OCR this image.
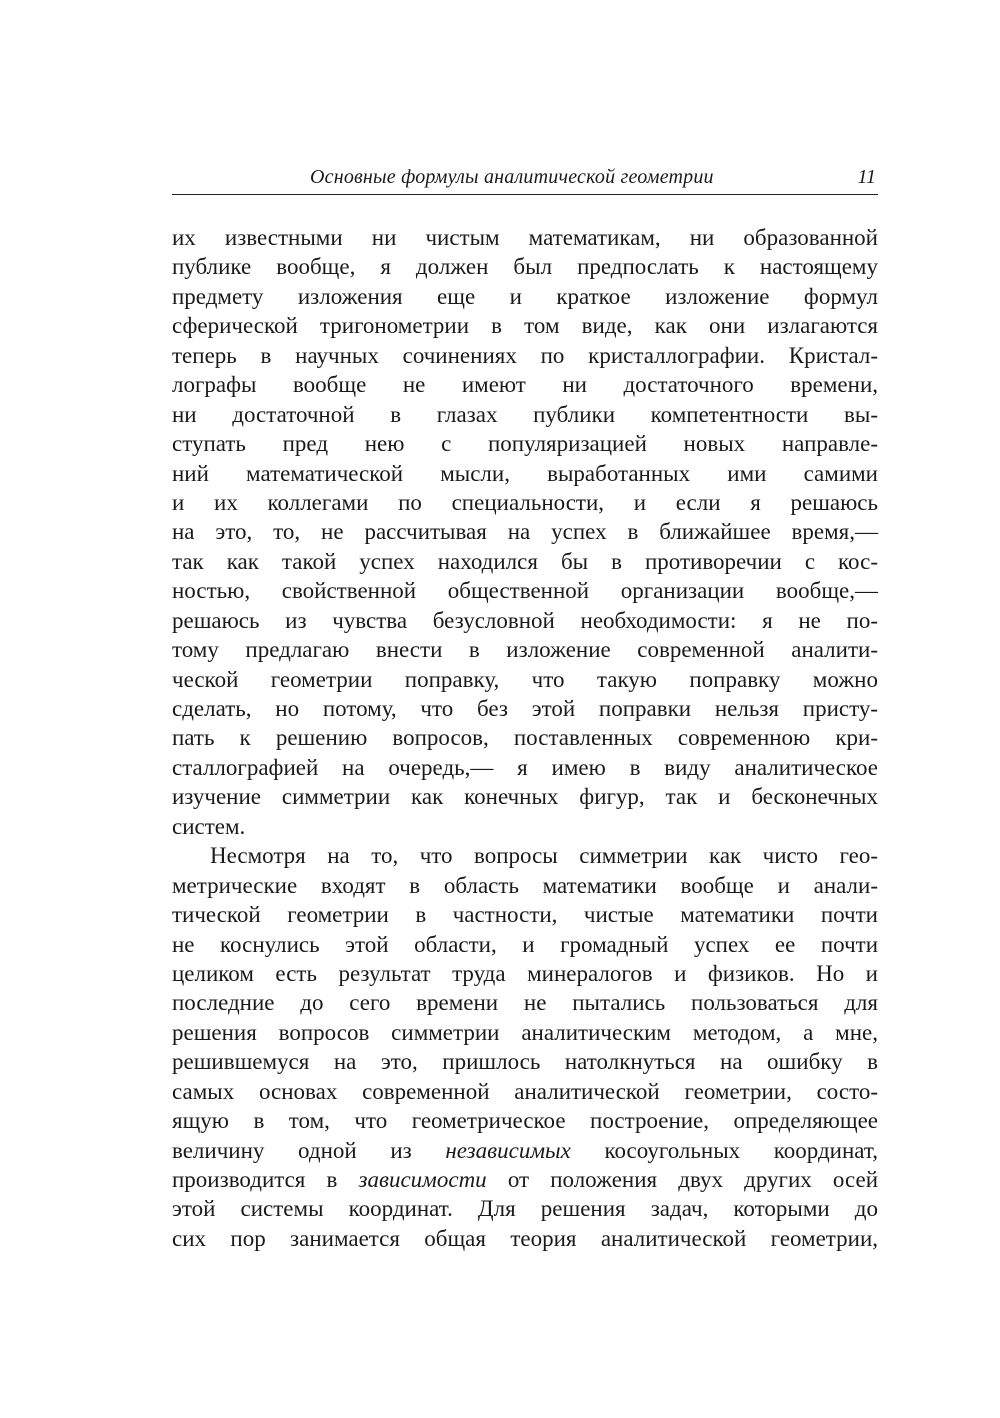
Основные формулы аналитической геометрии	11
их известными ни чистым математикам, ни образованной
публике вообще, я должен был предпослать к настоящему
предмету изложения еще и краткое изложение формул
сферической тригонометрии в том виде, как они излагаются
теперь в научных сочинениях по кристаллографии. Кристал-
лографы вообще не имеют ни достаточного времени,
ни достаточной в глазах публики компетентности вы-
ступать пред нею с популяризацией новых направле-
ний математической мысли, выработанных ими самими
и их коллегами по специальности, и если я решаюсь
на это, то, не рассчитывая на успех в ближайшее время,—
так как такой успех находился бы в противоречии с кос-
ностью, свойственной общественной организации вообще,—
решаюсь из чувства безусловной необходимости: я не по-
тому предлагаю внести в изложение современной аналити-
ческой геометрии поправку, что такую поправку можно
сделать, но потому, что без этой поправки нельзя присту-
пать к решению вопросов, поставленных современною кри-
сталлографией на очередь,— я имею в виду аналитическое
изучение симметрии как конечных фигур, так и бесконечных
систем.
Несмотря на то, что вопросы симметрии как чисто гео-
метрические входят в область математики вообще и анали-
тической геометрии в частности, чистые математики почти
не коснулись этой области, и громадный успех ее почти
целиком есть результат труда минералогов и физиков. Но и
последние до сего времени не пытались пользоваться для
решения вопросов симметрии аналитическим методом, а мне,
решившемуся на это, пришлось натолкнуться на ошибку в
самых основах современной аналитической геометрии, состо-
ящую в том, что геометрическое построение, определяющее
величину одной из независимых косоугольных координат,
производится в зависимости от положения двух других осей
этой системы координат. Для решения задач, которыми до
сих пор занимается общая теория аналитической геометрии,
